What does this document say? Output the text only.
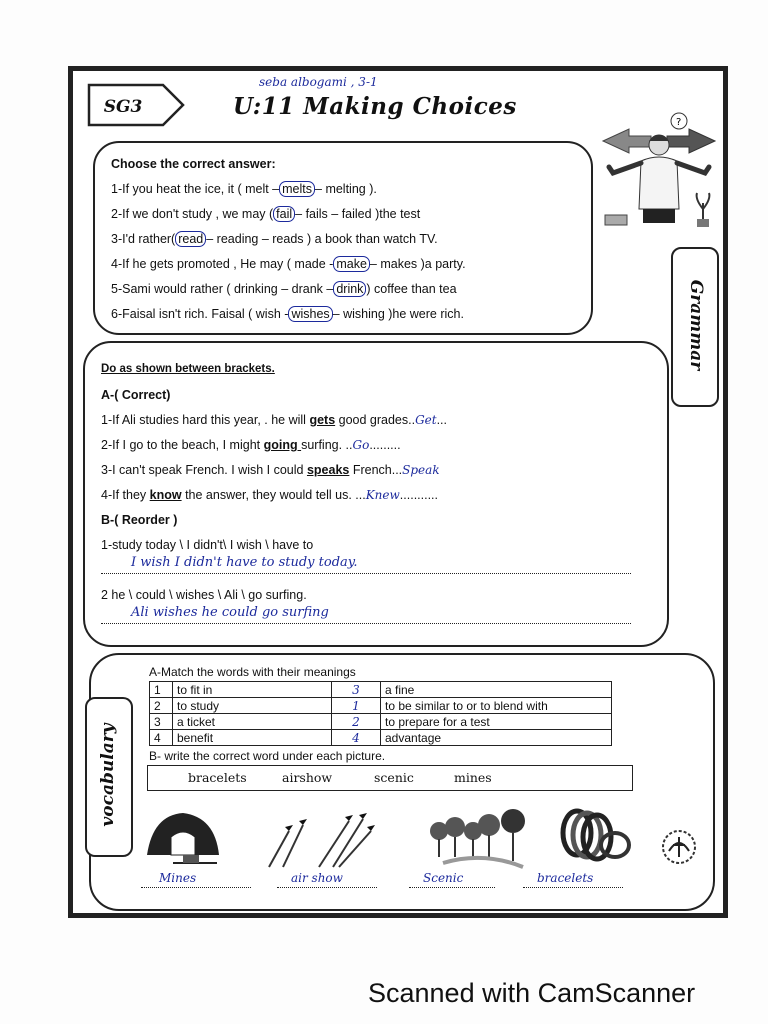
SG3
seba albogami , 3-1
U:11 Making Choices
?
Grammar
Choose the correct answer:
1-If you heat the ice, it ( melt – melts – melting ).
2-If we don't study , we may ( fail – fails – failed )the test
3-I'd rather( read – reading – reads ) a book than watch TV.
4-If he gets promoted , He may ( made - make – makes )a party.
5-Sami would rather ( drinking – drank – drink ) coffee than tea
6-Faisal isn't rich. Faisal ( wish - wishes – wishing )he were rich.
Do as shown between brackets.
A-( Correct)
1-If Ali studies hard this year, . he will gets good grades..Get...
2-If I go to the beach, I might going surfing. ..Go.........
3-I can't speak French. I wish I could speaks French...Speak
4-If they know the answer, they would tell us. ...Knew...........
B-( Reorder )
1-study today \ I didn't\ I wish \ have to
I wish I didn't have to study today.
2 he \ could \ wishes \ Ali \ go surfing.
Ali wishes he could go surfing
A-Match the words with their meanings
1	to fit in	3	a fine
2	to study	1	to be similar to or to blend with
3	a ticket	2	to prepare for a test
4	benefit	4	advantage
B- write the correct word under each picture.
bracelets	airshow	scenic	mines
Mines	air show	Scenic	bracelets
vocabulary
Scanned with CamScanner
